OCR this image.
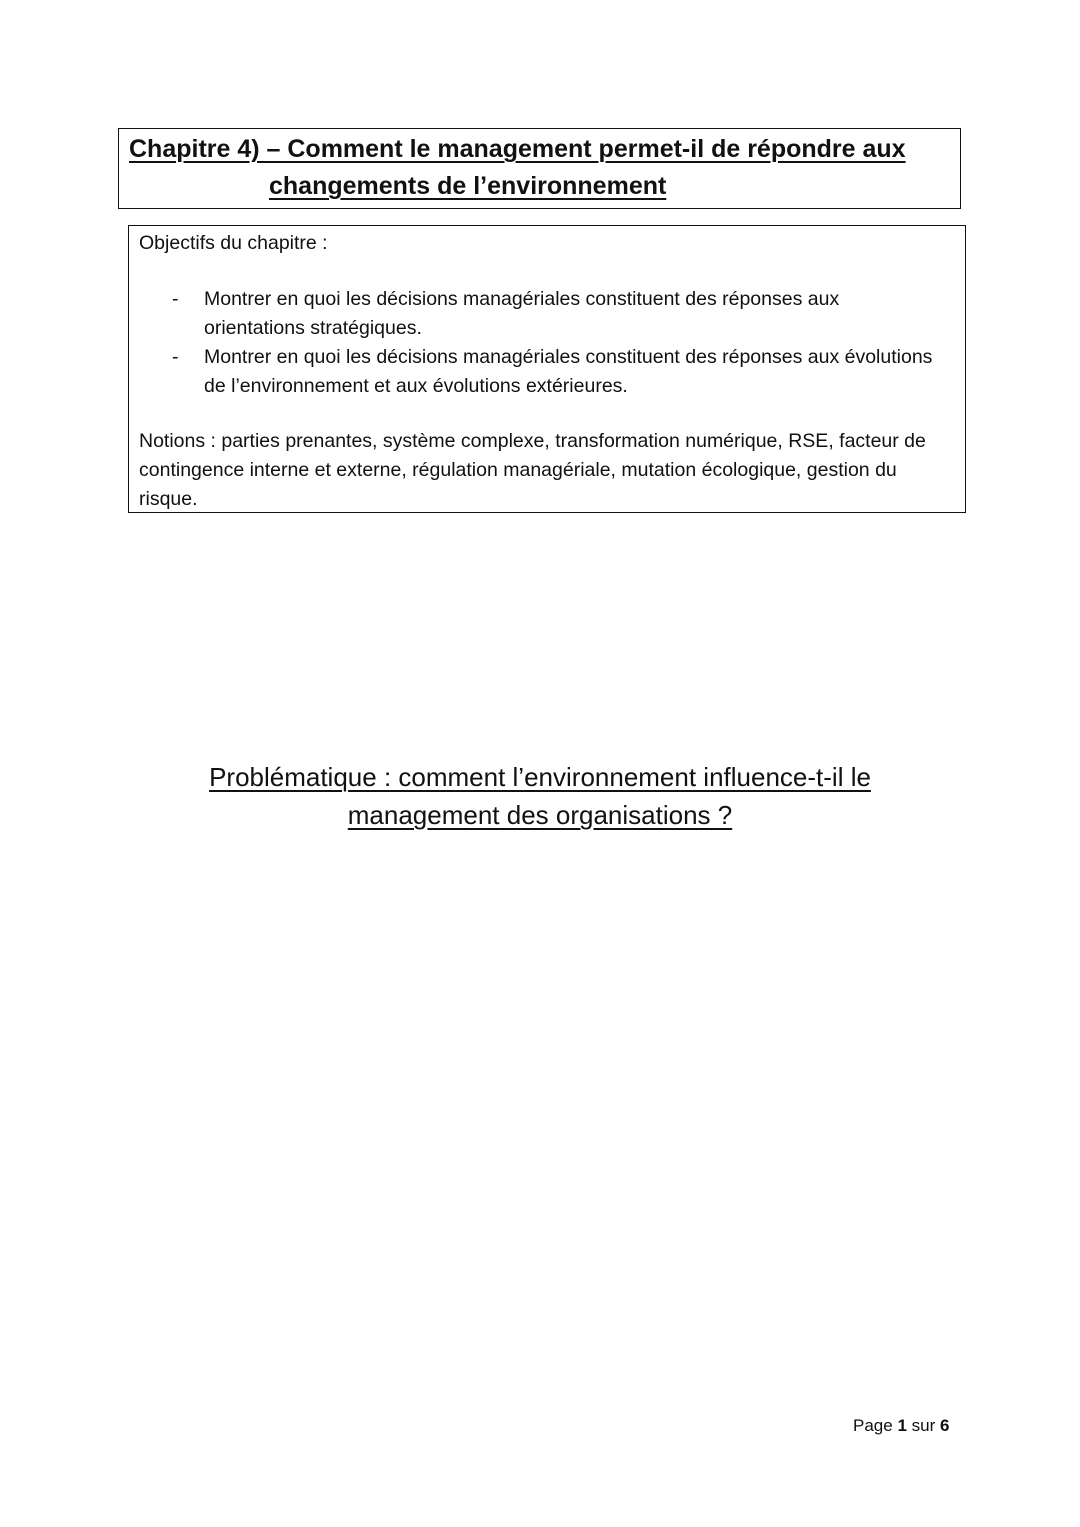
Chapitre 4) – Comment le management permet-il de répondre aux
changements de l’environnement
Objectifs du chapitre :
- Montrer en quoi les décisions managériales constituent des réponses aux orientations stratégiques.
- Montrer en quoi les décisions managériales constituent des réponses aux évolutions de l’environnement et aux évolutions extérieures.
Notions : parties prenantes, système complexe, transformation numérique, RSE, facteur de contingence interne et externe, régulation managériale, mutation écologique, gestion du risque.
Problématique : comment l’environnement influence-t-il le
management des organisations ?
Page 1 sur 6
